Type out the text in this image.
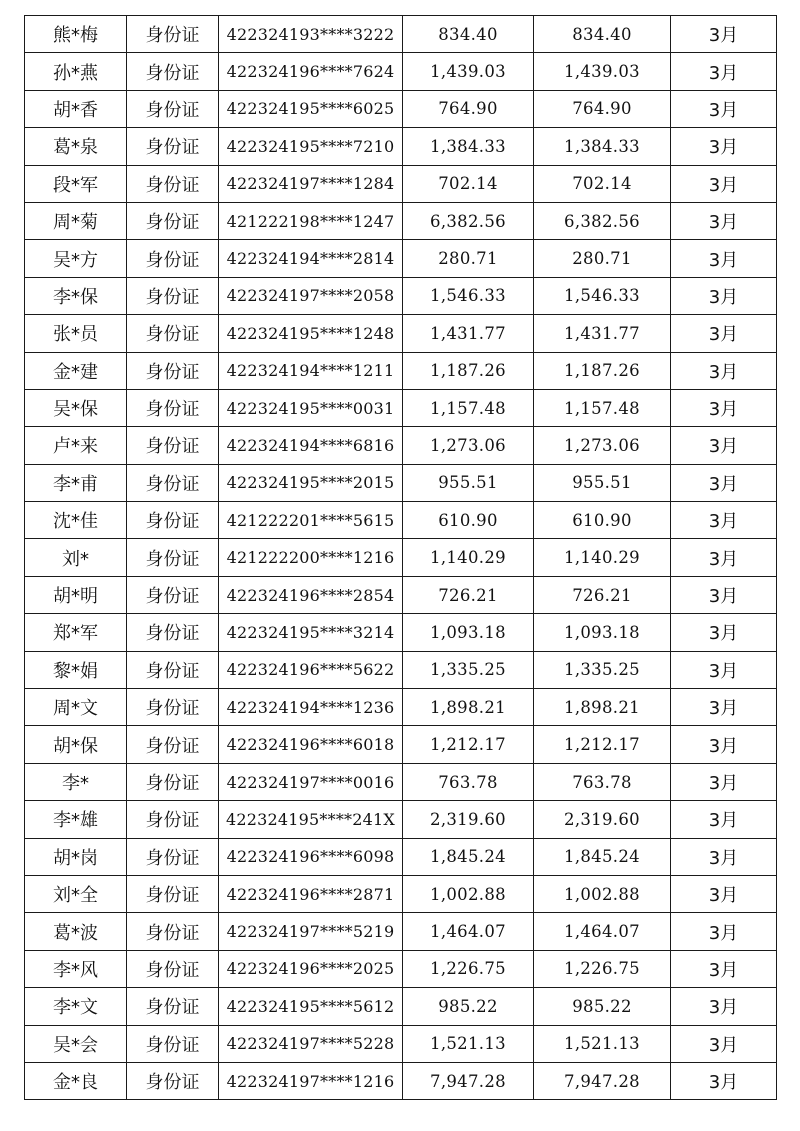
熊*梅	身份证	422324193****3222	834.40	834.40	3月
孙*燕	身份证	422324196****7624	1,439.03	1,439.03	3月
胡*香	身份证	422324195****6025	764.90	764.90	3月
葛*泉	身份证	422324195****7210	1,384.33	1,384.33	3月
段*军	身份证	422324197****1284	702.14	702.14	3月
周*菊	身份证	421222198****1247	6,382.56	6,382.56	3月
吴*方	身份证	422324194****2814	280.71	280.71	3月
李*保	身份证	422324197****2058	1,546.33	1,546.33	3月
张*员	身份证	422324195****1248	1,431.77	1,431.77	3月
金*建	身份证	422324194****1211	1,187.26	1,187.26	3月
吴*保	身份证	422324195****0031	1,157.48	1,157.48	3月
卢*来	身份证	422324194****6816	1,273.06	1,273.06	3月
李*甫	身份证	422324195****2015	955.51	955.51	3月
沈*佳	身份证	421222201****5615	610.90	610.90	3月
刘*	身份证	421222200****1216	1,140.29	1,140.29	3月
胡*明	身份证	422324196****2854	726.21	726.21	3月
郑*军	身份证	422324195****3214	1,093.18	1,093.18	3月
黎*娟	身份证	422324196****5622	1,335.25	1,335.25	3月
周*文	身份证	422324194****1236	1,898.21	1,898.21	3月
胡*保	身份证	422324196****6018	1,212.17	1,212.17	3月
李*	身份证	422324197****0016	763.78	763.78	3月
李*雄	身份证	422324195****241X	2,319.60	2,319.60	3月
胡*岗	身份证	422324196****6098	1,845.24	1,845.24	3月
刘*全	身份证	422324196****2871	1,002.88	1,002.88	3月
葛*波	身份证	422324197****5219	1,464.07	1,464.07	3月
李*风	身份证	422324196****2025	1,226.75	1,226.75	3月
李*文	身份证	422324195****5612	985.22	985.22	3月
吴*会	身份证	422324197****5228	1,521.13	1,521.13	3月
金*良	身份证	422324197****1216	7,947.28	7,947.28	3月
